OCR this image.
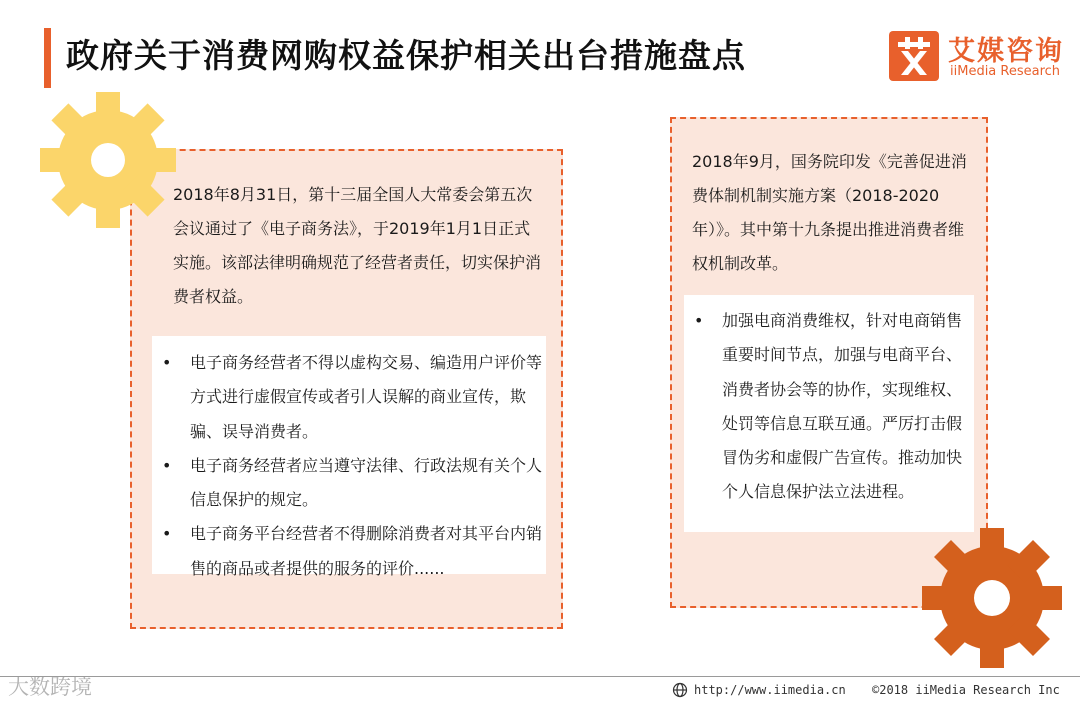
政府关于消费网购权益保护相关出台措施盘点	艾媒咨询
iiMedia Research
2018年8月31日，第十三届全国人大常委会第五次会议通过了《电子商务法》，于2019年1月1日正式实施。该部法律明确规范了经营者责任，切实保护消费者权益。
• 电子商务经营者不得以虚构交易、编造用户评价等方式进行虚假宣传或者引人误解的商业宣传，欺骗、误导消费者。
• 电子商务经营者应当遵守法律、行政法规有关个人信息保护的规定。
• 电子商务平台经营者不得删除消费者对其平台内销售的商品或者提供的服务的评价......
2018年9月，国务院印发《完善促进消费体制机制实施方案（2018-2020年）》。其中第十九条提出推进消费者维权机制改革。
• 加强电商消费维权，针对电商销售重要时间节点，加强与电商平台、消费者协会等的协作，实现维权、处罚等信息互联互通。严厉打击假冒伪劣和虚假广告宣传。推动加快个人信息保护法立法进程。
大数跨境	http://www.iimedia.cn ©2018 iiMedia Research Inc
